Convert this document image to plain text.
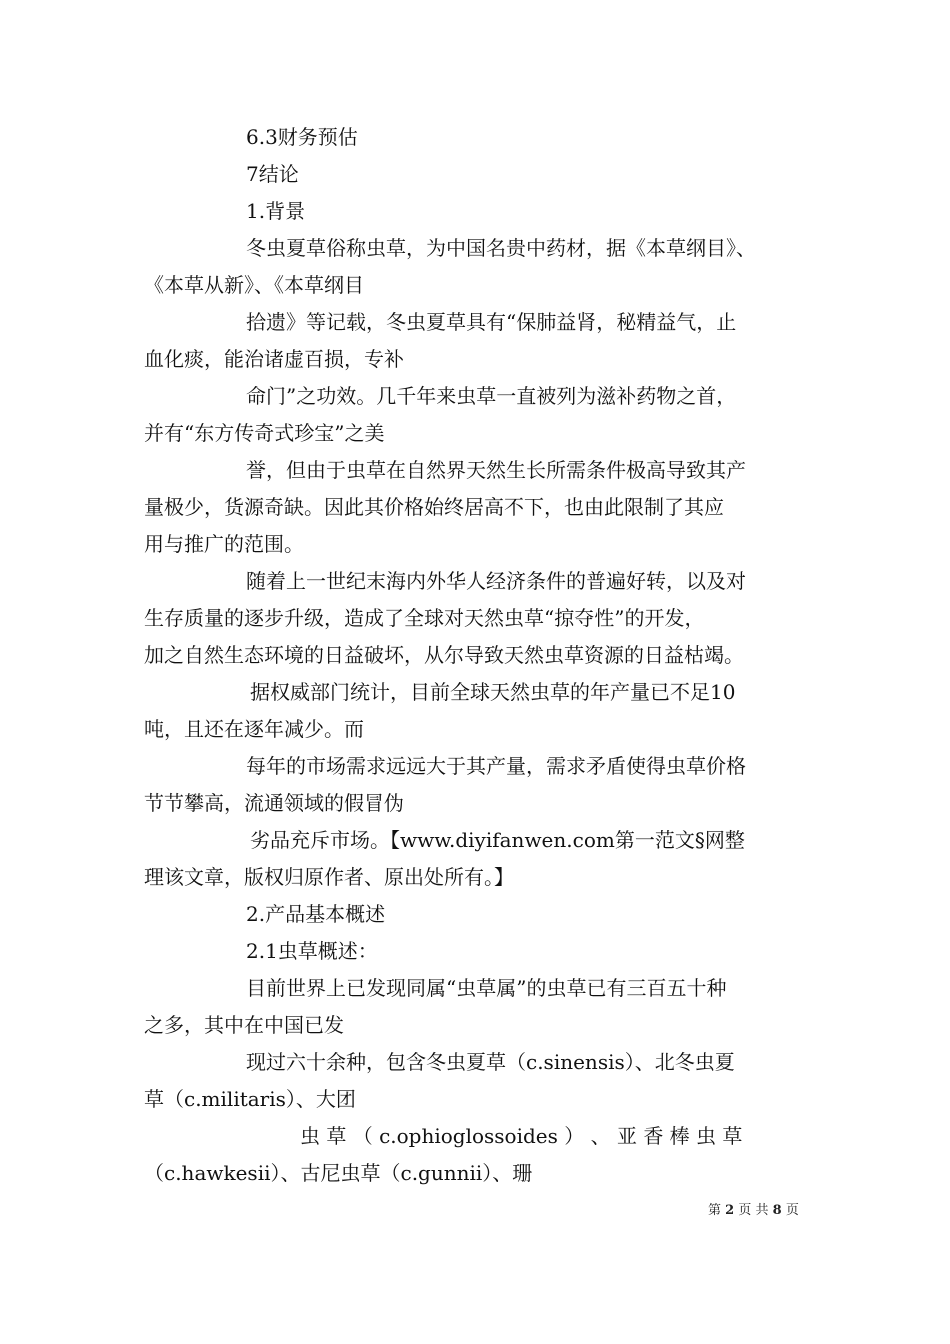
6.3财务预估
7结论
1.背景
冬虫夏草俗称虫草，为中国名贵中药材，据《本草纲目》、
《本草从新》、《本草纲目
拾遗》等记载，冬虫夏草具有“保肺益肾，秘精益气，止
血化痰，能治诸虚百损，专补
命门”之功效。几千年来虫草一直被列为滋补药物之首，
并有“东方传奇式珍宝”之美
誉，但由于虫草在自然界天然生长所需条件极高导致其产
量极少，货源奇缺。因此其价格始终居高不下，也由此限制了其应
用与推广的范围。
随着上一世纪末海内外华人经济条件的普遍好转，以及对
生存质量的逐步升级，造成了全球对天然虫草“掠夺性”的开发，
加之自然生态环境的日益破坏，从尔导致天然虫草资源的日益枯竭。
据权威部门统计，目前全球天然虫草的年产量已不足10
吨，且还在逐年减少。而
每年的市场需求远远大于其产量，需求矛盾使得虫草价格
节节攀高，流通领域的假冒伪
劣品充斥市场。【www.diyifanwen.com第一范文§网整
理该文章，版权归原作者、原出处所有。】
2.产品基本概述
2.1虫草概述：
目前世界上已发现同属“虫草属”的虫草已有三百五十种
之多，其中在中国已发
现过六十余种，包含冬虫夏草（c.sinensis）、北冬虫夏
草（c.militaris）、大团
虫 草 （ c.ophioglossoides ） 、 亚 香 棒 虫 草
（c.hawkesii）、古尼虫草（c.gunnii）、珊
第 2 页 共 8 页
